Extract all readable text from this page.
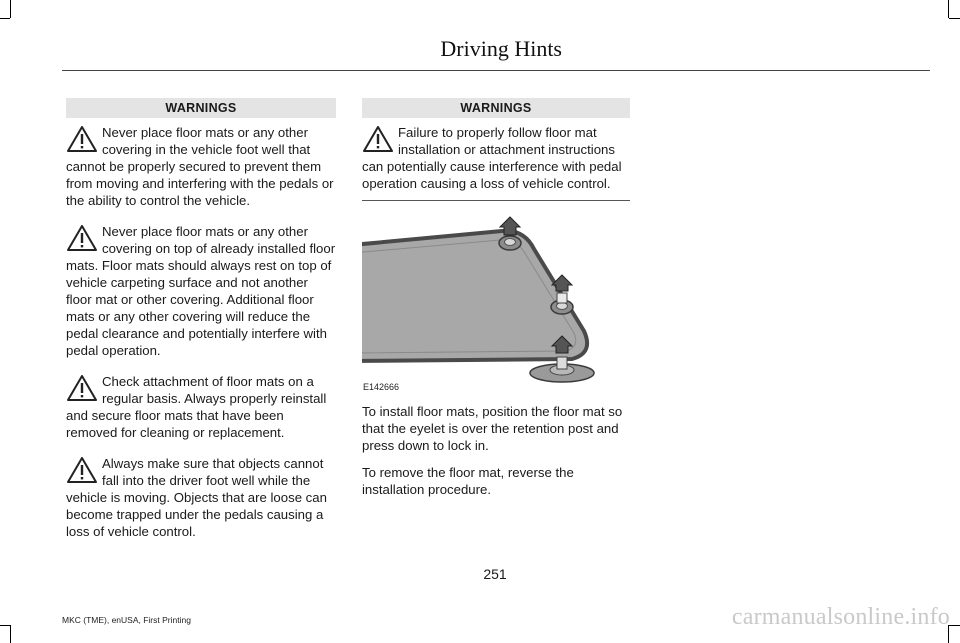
Driving Hints
WARNINGS

Never place floor mats or any other covering in the vehicle foot well that cannot be properly secured to prevent them from moving and interfering with the pedals or the ability to control the vehicle.

Never place floor mats or any other covering on top of already installed floor mats. Floor mats should always rest on top of vehicle carpeting surface and not another floor mat or other covering. Additional floor mats or any other covering will reduce the pedal clearance and potentially interfere with pedal operation.

Check attachment of floor mats on a regular basis. Always properly reinstall and secure floor mats that have been removed for cleaning or replacement.

Always make sure that objects cannot fall into the driver foot well while the vehicle is moving. Objects that are loose can become trapped under the pedals causing a loss of vehicle control.

WARNINGS

Failure to properly follow floor mat installation or attachment instructions can potentially cause interference with pedal operation causing a loss of vehicle control.

E142666

To install floor mats, position the floor mat so that the eyelet is over the retention post and press down to lock in.

To remove the floor mat, reverse the installation procedure.

251
MKC (TME), enUSA, First Printing	carmanualsonline.info
